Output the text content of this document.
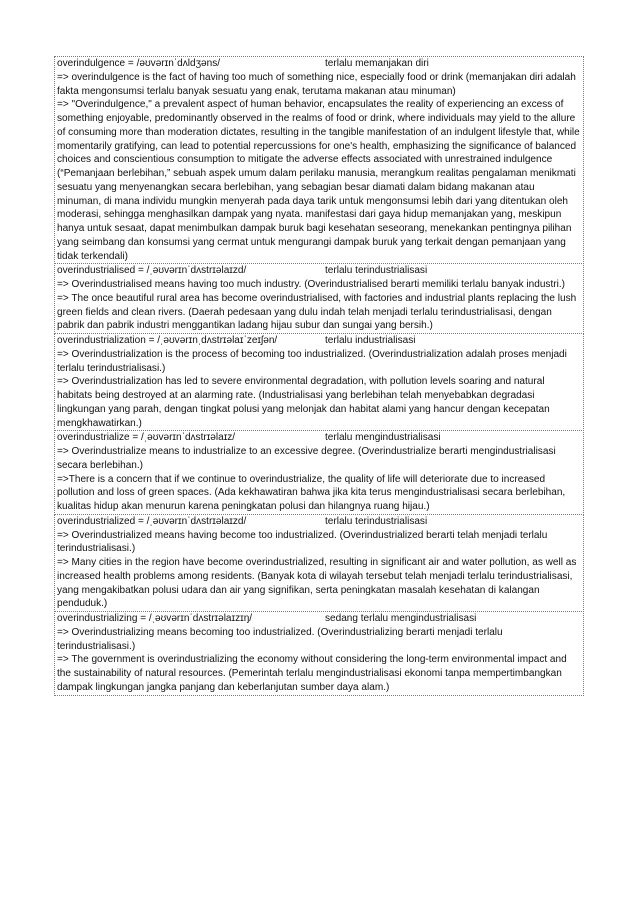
overindulgence = /əʊvərɪnˈdʌldʒəns/	terlalu memanjakan diri
=> overindulgence is the fact of having too much of something nice, especially food or drink (memanjakan diri adalah fakta mengonsumsi terlalu banyak sesuatu yang enak, terutama makanan atau minuman)
=> "Overindulgence," a prevalent aspect of human behavior, encapsulates the reality of experiencing an excess of something enjoyable, predominantly observed in the realms of food or drink, where individuals may yield to the allure of consuming more than moderation dictates, resulting in the tangible manifestation of an indulgent lifestyle that, while momentarily gratifying, can lead to potential repercussions for one's health, emphasizing the significance of balanced choices and conscientious consumption to mitigate the adverse effects associated with unrestrained indulgence (“Pemanjaan berlebihan,” sebuah aspek umum dalam perilaku manusia, merangkum realitas pengalaman menikmati sesuatu yang menyenangkan secara berlebihan, yang sebagian besar diamati dalam bidang makanan atau minuman, di mana individu mungkin menyerah pada daya tarik untuk mengonsumsi lebih dari yang ditentukan oleh moderasi, sehingga menghasilkan dampak yang nyata. manifestasi dari gaya hidup memanjakan yang, meskipun hanya untuk sesaat, dapat menimbulkan dampak buruk bagi kesehatan seseorang, menekankan pentingnya pilihan yang seimbang dan konsumsi yang cermat untuk mengurangi dampak buruk yang terkait dengan pemanjaan yang tidak terkendali)
overindustrialised = /ˌəʊvərɪnˈdʌstrɪəlaɪzd/	terlalu terindustrialisasi
=> Overindustrialised means having too much industry. (Overindustrialised berarti memiliki terlalu banyak industri.)
=> The once beautiful rural area has become overindustrialised, with factories and industrial plants replacing the lush green fields and clean rivers. (Daerah pedesaan yang dulu indah telah menjadi terlalu terindustrialisasi, dengan pabrik dan pabrik industri menggantikan ladang hijau subur dan sungai yang bersih.)
overindustrialization = /ˌəʊvərɪnˌdʌstrɪəlaɪˈzeɪʃən/	terlalu industrialisasi
=> Overindustrialization is the process of becoming too industrialized. (Overindustrialization adalah proses menjadi terlalu terindustrialisasi.)
=> Overindustrialization has led to severe environmental degradation, with pollution levels soaring and natural habitats being destroyed at an alarming rate. (Industrialisasi yang berlebihan telah menyebabkan degradasi lingkungan yang parah, dengan tingkat polusi yang melonjak dan habitat alami yang hancur dengan kecepatan mengkhawatirkan.)
overindustrialize = /ˌəʊvərɪnˈdʌstrɪəlaɪz/	terlalu mengindustrialisasi
=> Overindustrialize means to industrialize to an excessive degree. (Overindustrialize berarti mengindustrialisasi secara berlebihan.)
=>There is a concern that if we continue to overindustrialize, the quality of life will deteriorate due to increased pollution and loss of green spaces. (Ada kekhawatiran bahwa jika kita terus mengindustrialisasi secara berlebihan, kualitas hidup akan menurun karena peningkatan polusi dan hilangnya ruang hijau.)
overindustrialized = /ˌəʊvərɪnˈdʌstrɪəlaɪzd/	terlalu terindustrialisasi
=> Overindustrialized means having become too industrialized. (Overindustrialized berarti telah menjadi terlalu terindustrialisasi.)
=> Many cities in the region have become overindustrialized, resulting in significant air and water pollution, as well as increased health problems among residents. (Banyak kota di wilayah tersebut telah menjadi terlalu terindustrialisasi, yang mengakibatkan polusi udara dan air yang signifikan, serta peningkatan masalah kesehatan di kalangan penduduk.)
overindustrializing = /ˌəʊvərɪnˈdʌstrɪəlaɪzɪŋ/	sedang terlalu mengindustrialisasi
=> Overindustrializing means becoming too industrialized. (Overindustrializing berarti menjadi terlalu terindustrialisasi.)
=> The government is overindustrializing the economy without considering the long-term environmental impact and the sustainability of natural resources. (Pemerintah terlalu mengindustrialisasi ekonomi tanpa mempertimbangkan dampak lingkungan jangka panjang dan keberlanjutan sumber daya alam.)
